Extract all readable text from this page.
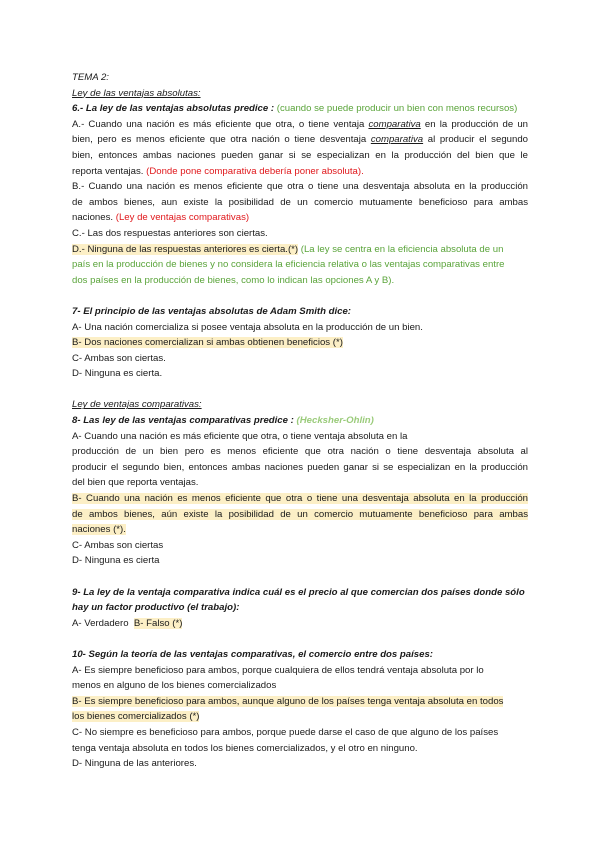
TEMA 2:
Ley de las ventajas absolutas:
6.- La ley de las ventajas absolutas predice : (cuando se puede producir un bien con menos recursos)
A.- Cuando una nación es más eficiente que otra, o tiene ventaja comparativa en la producción de un
bien, pero es menos eficiente que otra nación o tiene desventaja comparativa al producir el segundo
bien, entonces ambas naciones pueden ganar si se especializan en la producción del bien que le
reporta ventajas. (Donde pone comparativa debería poner absoluta).
B.- Cuando una nación es menos eficiente que otra o tiene una desventaja absoluta en la producción
de ambos bienes, aun existe la posibilidad de un comercio mutuamente beneficioso para ambas
naciones. (Ley de ventajas comparativas)
C.- Las dos respuestas anteriores son ciertas.
D.- Ninguna de las respuestas anteriores es cierta.(*) (La ley se centra en la eficiencia absoluta de un
país en la producción de bienes y no considera la eficiencia relativa o las ventajas comparativas entre
dos países en la producción de bienes, como lo indican las opciones A y B).
7- El principio de las ventajas absolutas de Adam Smith dice:
A- Una nación comercializa si posee ventaja absoluta en la producción de un bien.
B- Dos naciones comercializan si ambas obtienen beneficios (*)
C- Ambas son ciertas.
D- Ninguna es cierta.
Ley de ventajas comparativas:
8- Las ley de las ventajas comparativas predice : (Hecksher-Ohlin)
A- Cuando una nación es más eficiente que otra, o tiene ventaja absoluta en la
producción de un bien pero es menos eficiente que otra nación o tiene desventaja absoluta al
producir el segundo bien, entonces ambas naciones pueden ganar si se especializan en la producción
del bien que reporta ventajas.
B- Cuando una nación es menos eficiente que otra o tiene una desventaja absoluta en la producción
de ambos bienes, aún existe la posibilidad de un comercio mutuamente beneficioso para ambas
naciones (*).
C- Ambas son ciertas
D- Ninguna es cierta
9- La ley de la ventaja comparativa indica cuál es el precio al que comercian dos países donde sólo
hay un factor productivo (el trabajo):
A- Verdadero B- Falso (*)
10- Según la teoría de las ventajas comparativas, el comercio entre dos países:
A- Es siempre beneficioso para ambos, porque cualquiera de ellos tendrá ventaja absoluta por lo
menos en alguno de los bienes comercializados
B- Es siempre beneficioso para ambos, aunque alguno de los países tenga ventaja absoluta en todos
los bienes comercializados (*)
C- No siempre es beneficioso para ambos, porque puede darse el caso de que alguno de los países
tenga ventaja absoluta en todos los bienes comercializados, y el otro en ninguno.
D- Ninguna de las anteriores.
